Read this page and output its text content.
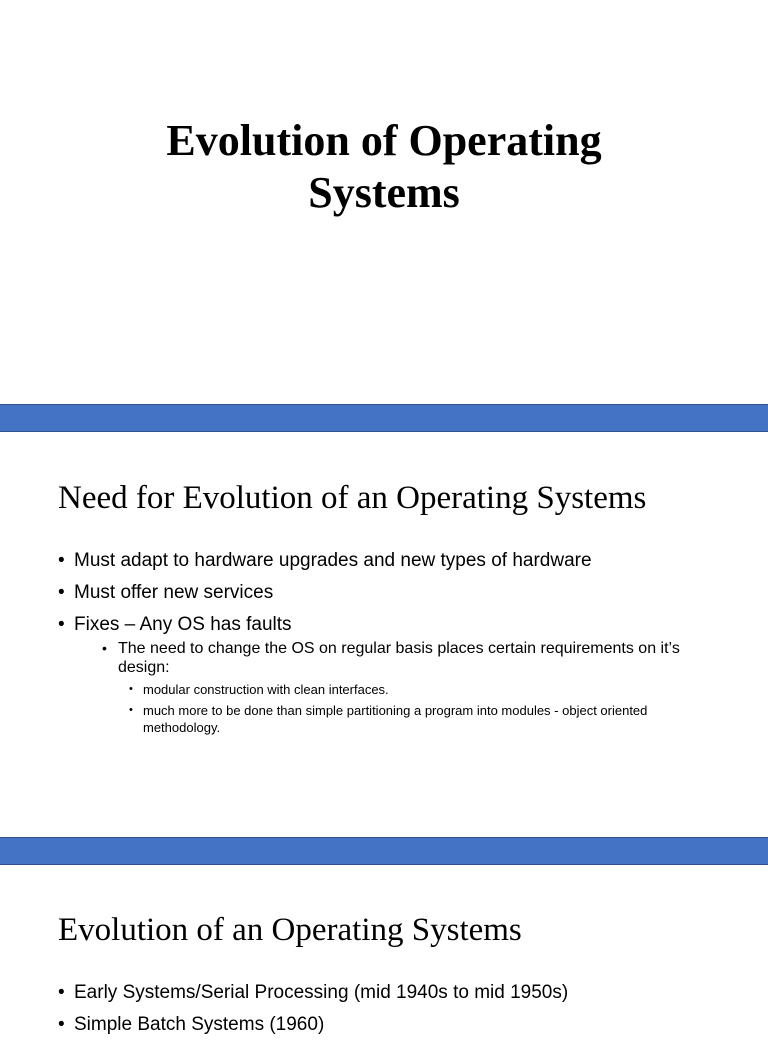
Evolution of Operating
Systems
Need for Evolution of an Operating Systems
• Must adapt to hardware upgrades and new types of hardware
• Must offer new services
• Fixes – Any OS has faults
• The need to change the OS on regular basis places certain requirements on it’s design:
• modular construction with clean interfaces.
• much more to be done than simple partitioning a program into modules - object oriented methodology.
Evolution of an Operating Systems
• Early Systems/Serial Processing (mid 1940s to mid 1950s)
• Simple Batch Systems (1960)
